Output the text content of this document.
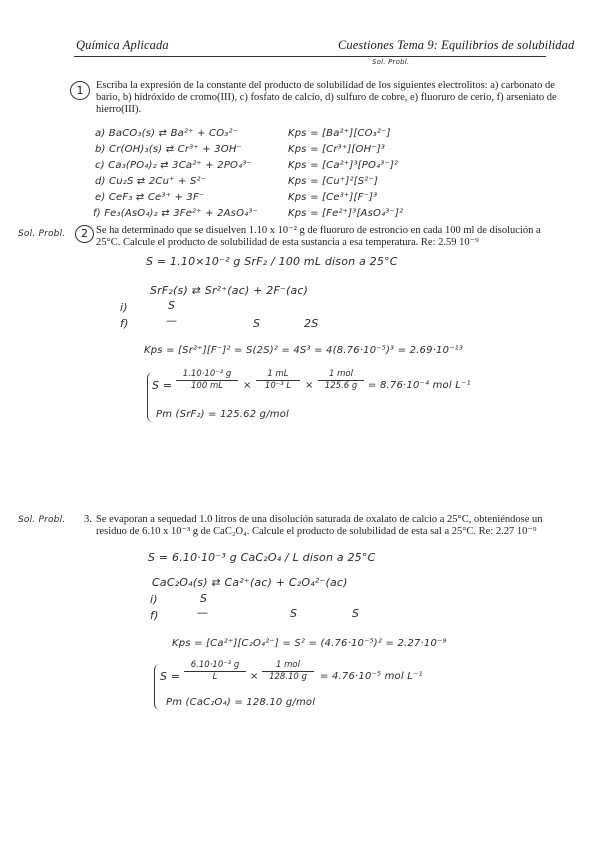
Química Aplicada	Cuestiones Tema 9: Equilibrios de solubilidad
Sol. Probl.
1	Escriba la expresión de la constante del producto de solubilidad de los siguientes electrolitos: a) carbonato de bario, b) hidróxido de cromo(III), c) fosfato de calcio, d) sulfuro de cobre, e) fluoruro de cerio, f) arseniato de hierro(III).
a) BaCO₃(s) ⇄ Ba²⁺ + CO₃²⁻	Kps = [Ba²⁺][CO₃²⁻]
b) Cr(OH)₃(s) ⇄ Cr³⁺ + 3OH⁻	Kps = [Cr³⁺][OH⁻]³
c) Ca₃(PO₄)₂ ⇄ 3Ca²⁺ + 2PO₄³⁻	Kps = [Ca²⁺]³[PO₄³⁻]²
d) Cu₂S ⇄ 2Cu⁺ + S²⁻	Kps = [Cu⁺]²[S²⁻]
e) CeF₃ ⇄ Ce³⁺ + 3F⁻	Kps = [Ce³⁺][F⁻]³
f) Fe₃(AsO₄)₂ ⇄ 3Fe²⁺ + 2AsO₄³⁻	Kps = [Fe²⁺]³[AsO₄³⁻]²
Sol. Probl.	2 Se ha determinado que se disuelven 1.10 x 10⁻² g de fluoruro de estroncio en cada 100 ml de disolución a 25°C. Calcule el producto de solubilidad de esta sustancia a esa temperatura. Re: 2.59 10⁻⁹
S = 1.10×10⁻² g SrF₂ / 100 mL dison a 25°C
SrF₂(s) ⇄ Sr²⁺(ac) + 2F⁻(ac)
i)	S
f)	—	S	2S
Kps = [Sr²⁺][F⁻]² = S(2S)² = 4S³ = 4(8.76·10⁻⁵)³ = 2.69·10⁻¹³
$S = \frac{\text{1.10·10⁻² g}}{100 mL} \times \frac{1 mL}{\text{10⁻³ L}}$ ×
1 mol
125.6 g	= 8.76·10⁻⁴ mol L⁻¹
Pm (SrF₂) = 125.62 g/mol
Sol. Probl. 3. Se evaporan a sequedad 1.0 litros de una disolución saturada de oxalato de calcio a 25°C, obteniéndose un residuo de 6.10 x 10⁻³ g de CaC₂O₄. Calcule el producto de solubilidad de esta sal a 25°C. Re: 2.27 10⁻⁹
S = 6.10·10⁻³ g CaC₂O₄ / L dison a 25°C
CaC₂O₄(s) ⇄ Ca²⁺(ac) + C₂O₄²⁻(ac)
i)	S
f)	—	S	S
Kps = [Ca²⁺][C₂O₄²⁻] = S² = (4.76·10⁻⁵)² = 2.27·10⁻⁹
$S = \frac{\text{6.10·10⁻³ g}}{L}$ ×
1 mol
128.10 g	= 4.76·10⁻⁵ mol L⁻¹
Pm (CaC₂O₄) = 128.10 g/mol
